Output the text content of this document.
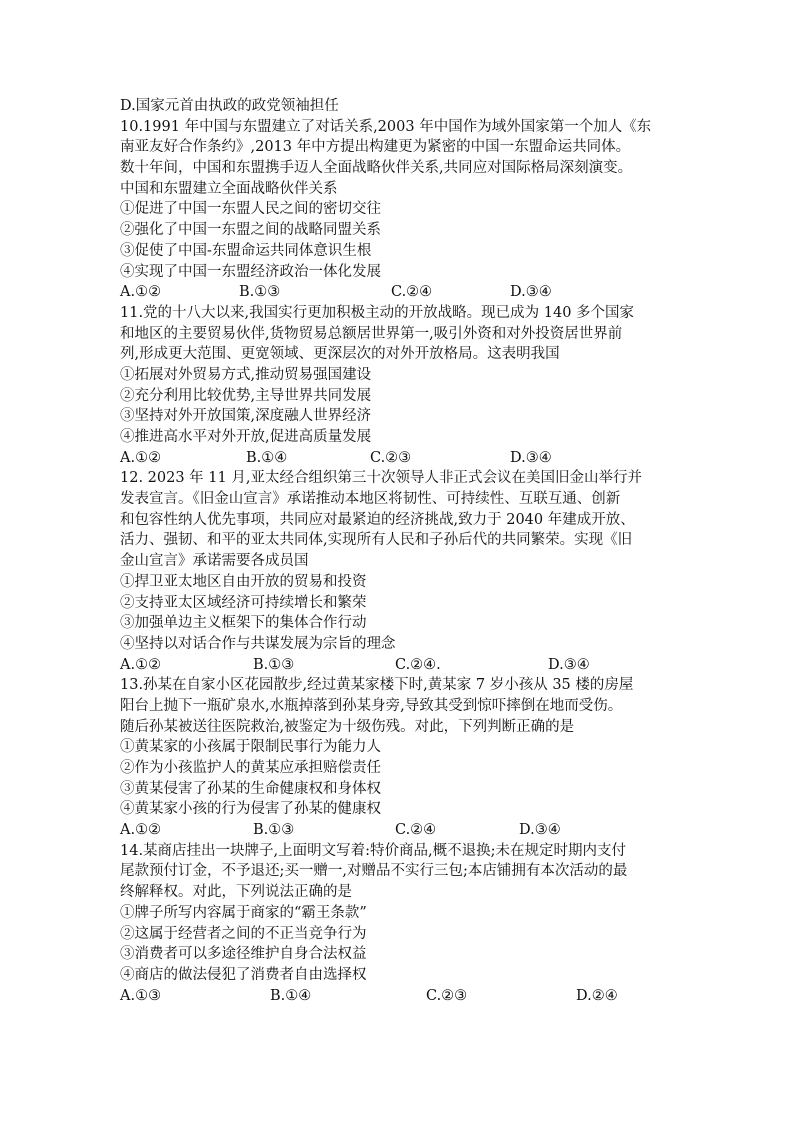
D.国家元首由执政的政党领袖担任
10.1991 年中国与东盟建立了对话关系,2003 年中国作为域外国家第一个加人《东
南亚友好合作条约》,2013 年中方提出构建更为紧密的中国一东盟命运共同体。
数十年间，中国和东盟携手迈人全面战略伙伴关系,共同应对国际格局深刻演变。
中国和东盟建立全面战略伙伴关系
①促进了中国一东盟人民之间的密切交往
②强化了中国一东盟之间的战略同盟关系
③促使了中国-东盟命运共同体意识生根
④实现了中国一东盟经济政治一体化发展
A.①②	B.①③	C.②④	D.③④
11.党的十八大以来,我国实行更加积极主动的开放战略。现已成为 140 多个国家
和地区的主要贸易伙伴,货物贸易总额居世界第一,吸引外资和对外投资居世界前
列,形成更大范围、更宽领域、更深层次的对外开放格局。这表明我国
①拓展对外贸易方式,推动贸易强国建设
②充分利用比较优势,主导世界共同发展
③坚持对外开放国策,深度融人世界经济
④推进高水平对外开放,促进高质量发展
A.①②	B.①④	C.②③	D.③④
12. 2023 年 11 月,亚太经合组织第三十次领导人非正式会议在美国旧金山举行并
发表宣言。《旧金山宣言》承诺推动本地区将韧性、可持续性、互联互通、创新
和包容性纳人优先事项，共同应对最紧迫的经济挑战,致力于 2040 年建成开放、
活力、强韧、和平的亚太共同体,实现所有人民和子孙后代的共同繁荣。实现《旧
金山宣言》承诺需要各成员国
①捍卫亚太地区自由开放的贸易和投资
②支持亚太区域经济可持续增长和繁荣
③加强单边主义框架下的集体合作行动
④坚持以对话合作与共谋发展为宗旨的理念
A.①②	B.①③	C.②④.	D.③④
13.孙某在自家小区花园散步,经过黄某家楼下时,黄某家 7 岁小孩从 35 楼的房屋
阳台上抛下一瓶矿泉水,水瓶掉落到孙某身旁,导致其受到惊吓摔倒在地而受伤。
随后孙某被送往医院救治,被鉴定为十级伤残。对此，下列判断正确的是
①黄某家的小孩属于限制民事行为能力人
②作为小孩监护人的黄某应承担赔偿责任
③黄某侵害了孙某的生命健康权和身体权
④黄某家小孩的行为侵害了孙某的健康权
A.①②	B.①③	C.②④	D.③④
14.某商店挂出一块牌子,上面明文写着:特价商品,概不退换;未在规定时期内支付
尾款预付订金，不予退还;买一赠一,对赠品不实行三包;本店铺拥有本次活动的最
终解释权。对此，下列说法正确的是
①牌子所写内容属于商家的“霸王条款”
②这属于经营者之间的不正当竞争行为
③消费者可以多途径维护自身合法权益
④商店的做法侵犯了消费者自由选择权
A.①③	B.①④	C.②③	D.②④
